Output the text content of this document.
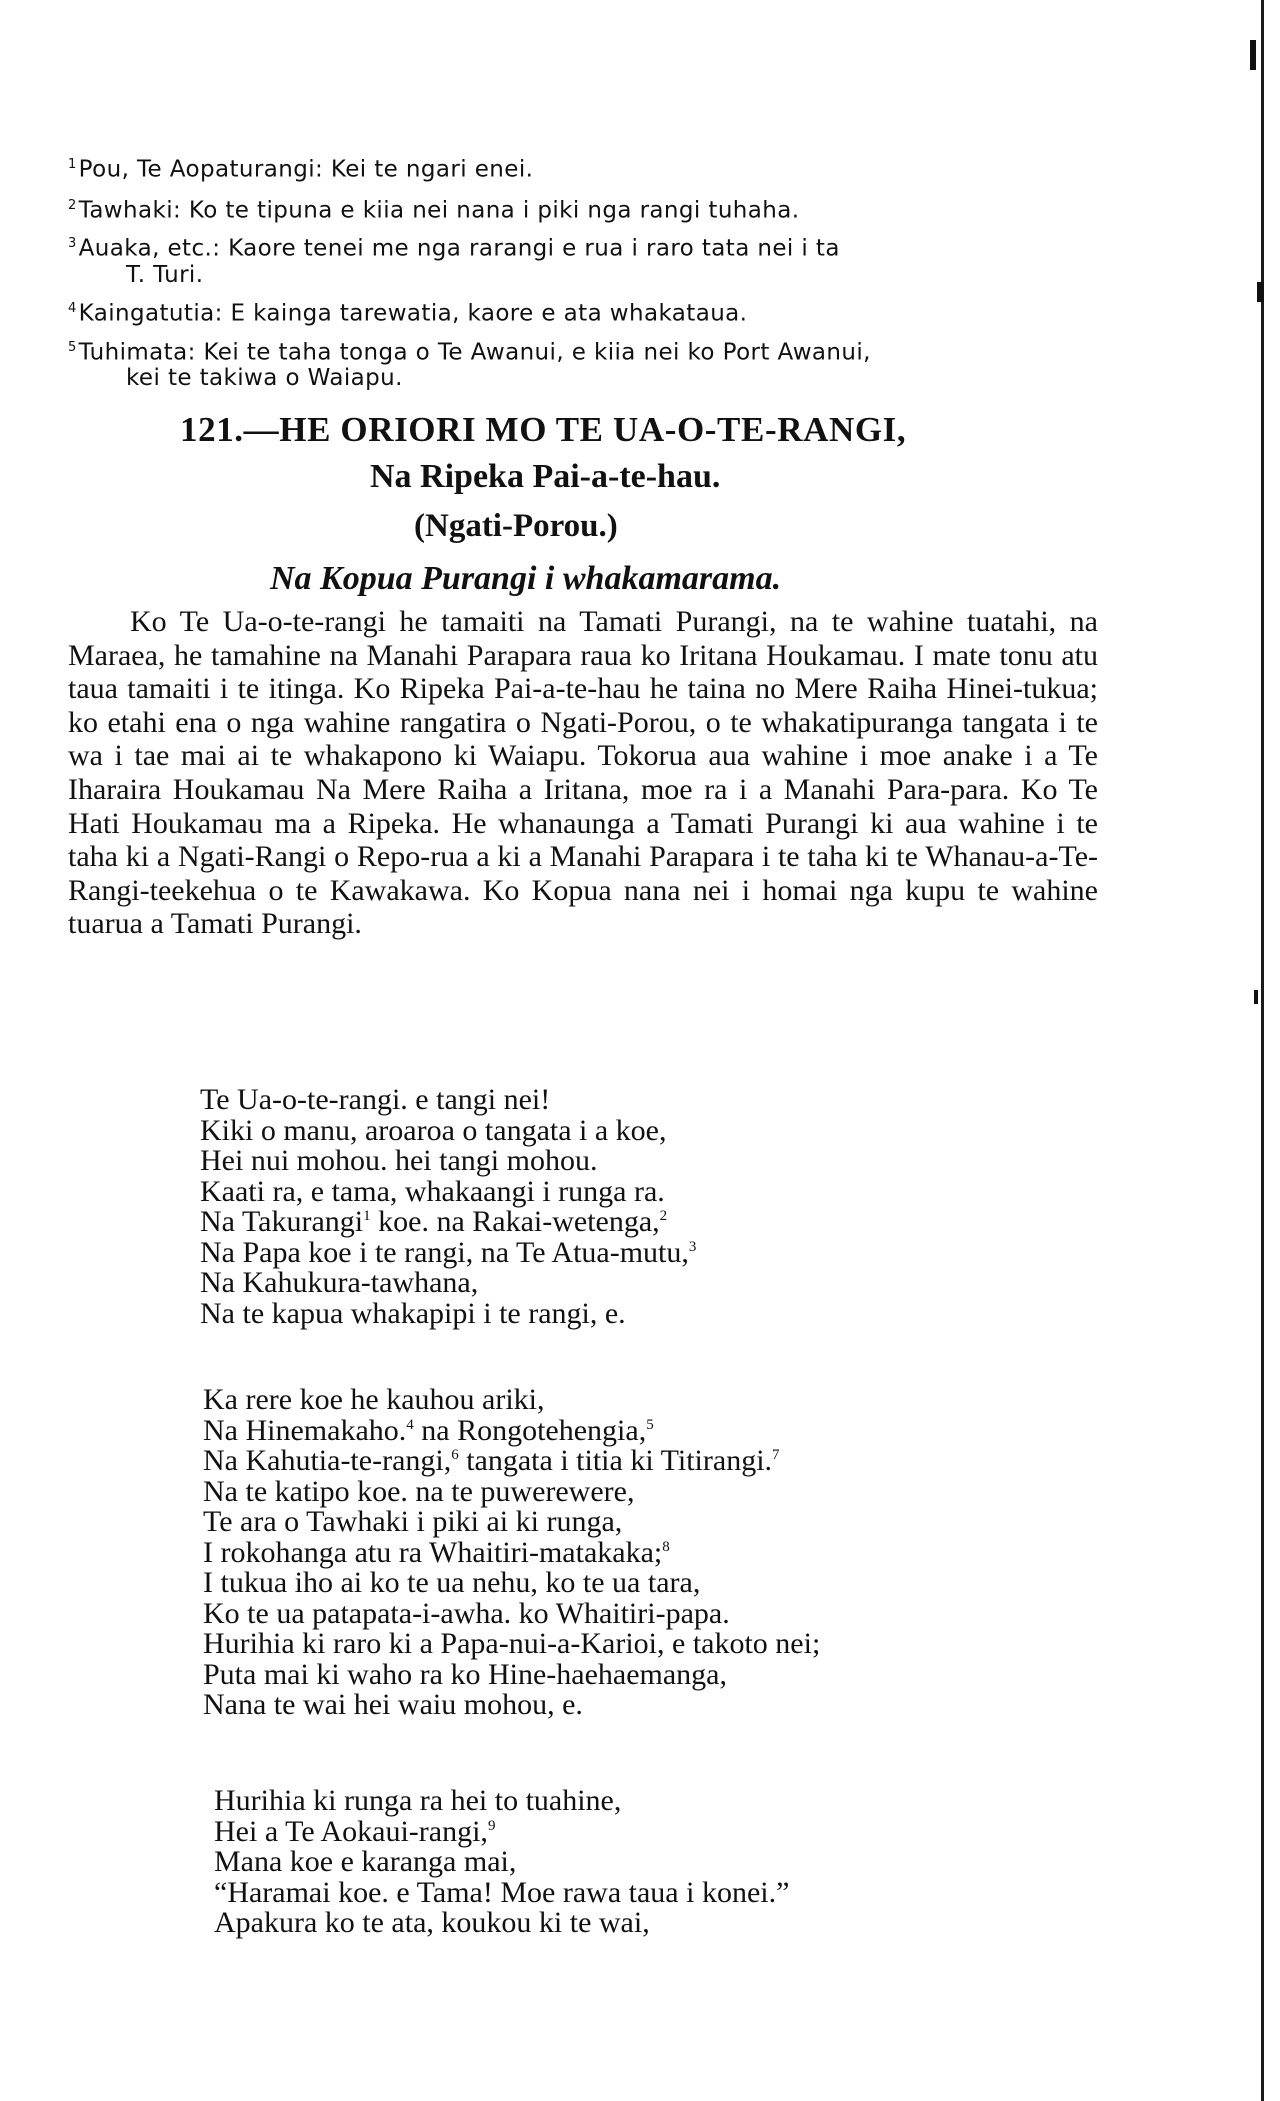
$^1$Pou, Te Aopaturangi: Kei te ngari enei.
$^2$Tawhaki: Ko te tipuna e kiia nei nana i piki nga rangi tuhaha.
$^3$Auaka, etc.: Kaore tenei me nga rarangi e rua i raro tata nei i ta
T. Turi.
$^4$Kaingatutia: E kainga tarewatia, kaore e ata whakataua.
$^5$Tuhimata: Kei te taha tonga o Te Awanui, e kiia nei ko Port Awanui,
kei te takiwa o Waiapu.
121.—HE ORIORI MO TE UA-O-TE-RANGI,
Na Ripeka Pai-a-te-hau.
(Ngati-Porou.)
Na Kopua Purangi i whakamarama.

Ko Te Ua-o-te-rangi he tamaiti na Tamati Purangi, na te wahine tuatahi, na Maraea, he tamahine na Manahi Parapara raua ko Iritana Houkamau. I mate tonu atu taua tamaiti i te itinga. Ko Ripeka Pai-a-te-hau he taina no Mere Raiha Hinei-tukua; ko etahi ena o nga wahine rangatira o Ngati-Porou, o te whakatipuranga tangata i te wa i tae mai ai te whakapono ki Waiapu. Tokorua aua wahine i moe anake i a Te Iharaira Houkamau Na Mere Raiha a Iritana, moe ra i a Manahi Para-para. Ko Te Hati Houkamau ma a Ripeka. He whanaunga a Tamati Purangi ki aua wahine i te taha ki a Ngati-Rangi o Repo-rua a ki a Manahi Parapara i te taha ki te Whanau-a-Te-Rangi-teekehua o te Kawakawa. Ko Kopua nana nei i homai nga kupu te wahine tuarua a Tamati Purangi.

Te Ua-o-te-rangi. e tangi nei!
Kiki o manu, aroaroa o tangata i a koe,
Hei nui mohou. hei tangi mohou.
Kaati ra, e tama, whakaangi i runga ra.
Na Takurangi$^1$ koe. na Rakai-wetenga,$^2$
Na Papa koe i te rangi, na Te Atua-mutu,$^3$
Na Kahukura-tawhana,
Na te kapua whakapipi i te rangi, e.
Ka rere koe he kauhou ariki,
Na Hinemakaho.$^4$ na Rongotehengia,$^5$
Na Kahutia-te-rangi,$^6$ tangata i titia ki Titirangi.$^7$
Na te katipo koe. na te puwerewere,
Te ara o Tawhaki i piki ai ki runga,
I rokohanga atu ra Whaitiri-matakaka;$^8$
I tukua iho ai ko te ua nehu, ko te ua tara,
Ko te ua patapata-i-awha. ko Whaitiri-papa.
Hurihia ki raro ki a Papa-nui-a-Karioi, e takoto nei;
Puta mai ki waho ra ko Hine-haehaemanga,
Nana te wai hei waiu mohou, e.
Hurihia ki runga ra hei to tuahine,
Hei a Te Aokaui-rangi,$^9$
Mana koe e karanga mai,
“Haramai koe. e Tama! Moe rawa taua i konei.”
Apakura ko te ata, koukou ki te wai,
